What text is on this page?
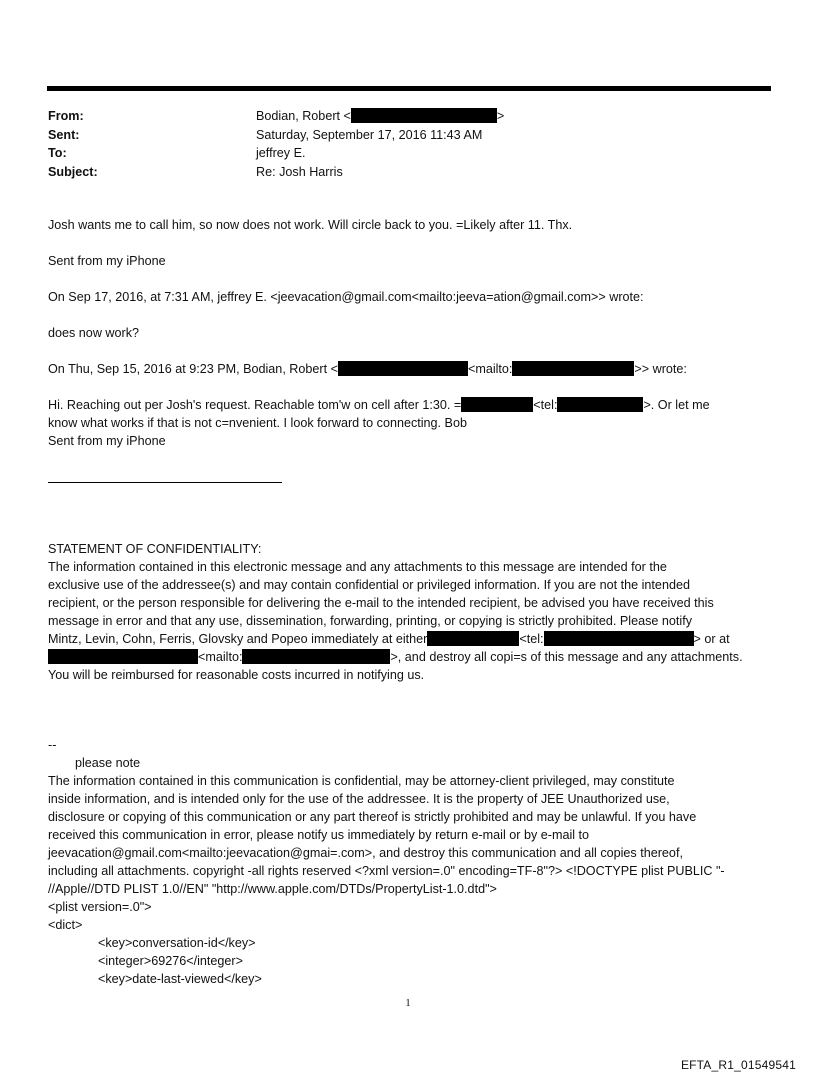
From:	Bodian, Robert <	>
Sent:	Saturday, September 17, 2016 11:43 AM
To:	jeffrey E.
Subject:	Re: Josh Harris
Josh wants me to call him, so now does not work. Will circle back to you. =Likely after 11. Thx.
Sent from my iPhone
On Sep 17, 2016, at 7:31 AM, jeffrey E. <jeevacation@gmail.com<mailto:jeeva=ation@gmail.com>> wrote:
does now work?
On Thu, Sep 15, 2016 at 9:23 PM, Bodian, Robert <	<mailto:	>> wrote:
Hi. Reaching out per Josh's request. Reachable tom'w on cell after 1:30. =	<tel:	>. Or let me
know what works if that is not c=nvenient. I look forward to connecting. Bob
Sent from my iPhone
STATEMENT OF CONFIDENTIALITY:
The information contained in this electronic message and any attachments to this message are intended for the
exclusive use of the addressee(s) and may contain confidential or privileged information. If you are not the intended
recipient, or the person responsible for delivering the e-mail to the intended recipient, be advised you have received this
message in error and that any use, dissemination, forwarding, printing, or copying is strictly prohibited. Please notify
Mintz, Levin, Cohn, Ferris, Glovsky and Popeo immediately at either	<tel:	> or at
<mailto:	>, and destroy all copi=s of this message and any attachments.
You will be reimbursed for reasonable costs incurred in notifying us.
--
please note
The information contained in this communication is confidential, may be attorney-client privileged, may constitute
inside information, and is intended only for the use of the addressee. It is the property of JEE Unauthorized use,
disclosure or copying of this communication or any part thereof is strictly prohibited and may be unlawful. If you have
received this communication in error, please notify us immediately by return e-mail or by e-mail to
jeevacation@gmail.com<mailto:jeevacation@gmai=.com>, and destroy this communication and all copies thereof,
including all attachments. copyright -all rights reserved <?xml version=.0" encoding=TF-8"?> <!DOCTYPE plist PUBLIC "-
//Apple//DTD PLIST 1.0//EN" "http://www.apple.com/DTDs/PropertyList-1.0.dtd">
<plist version=.0">
<dict>
<key>conversation-id</key>
<integer>69276</integer>
<key>date-last-viewed</key>
1
EFTA_R1_01549541
